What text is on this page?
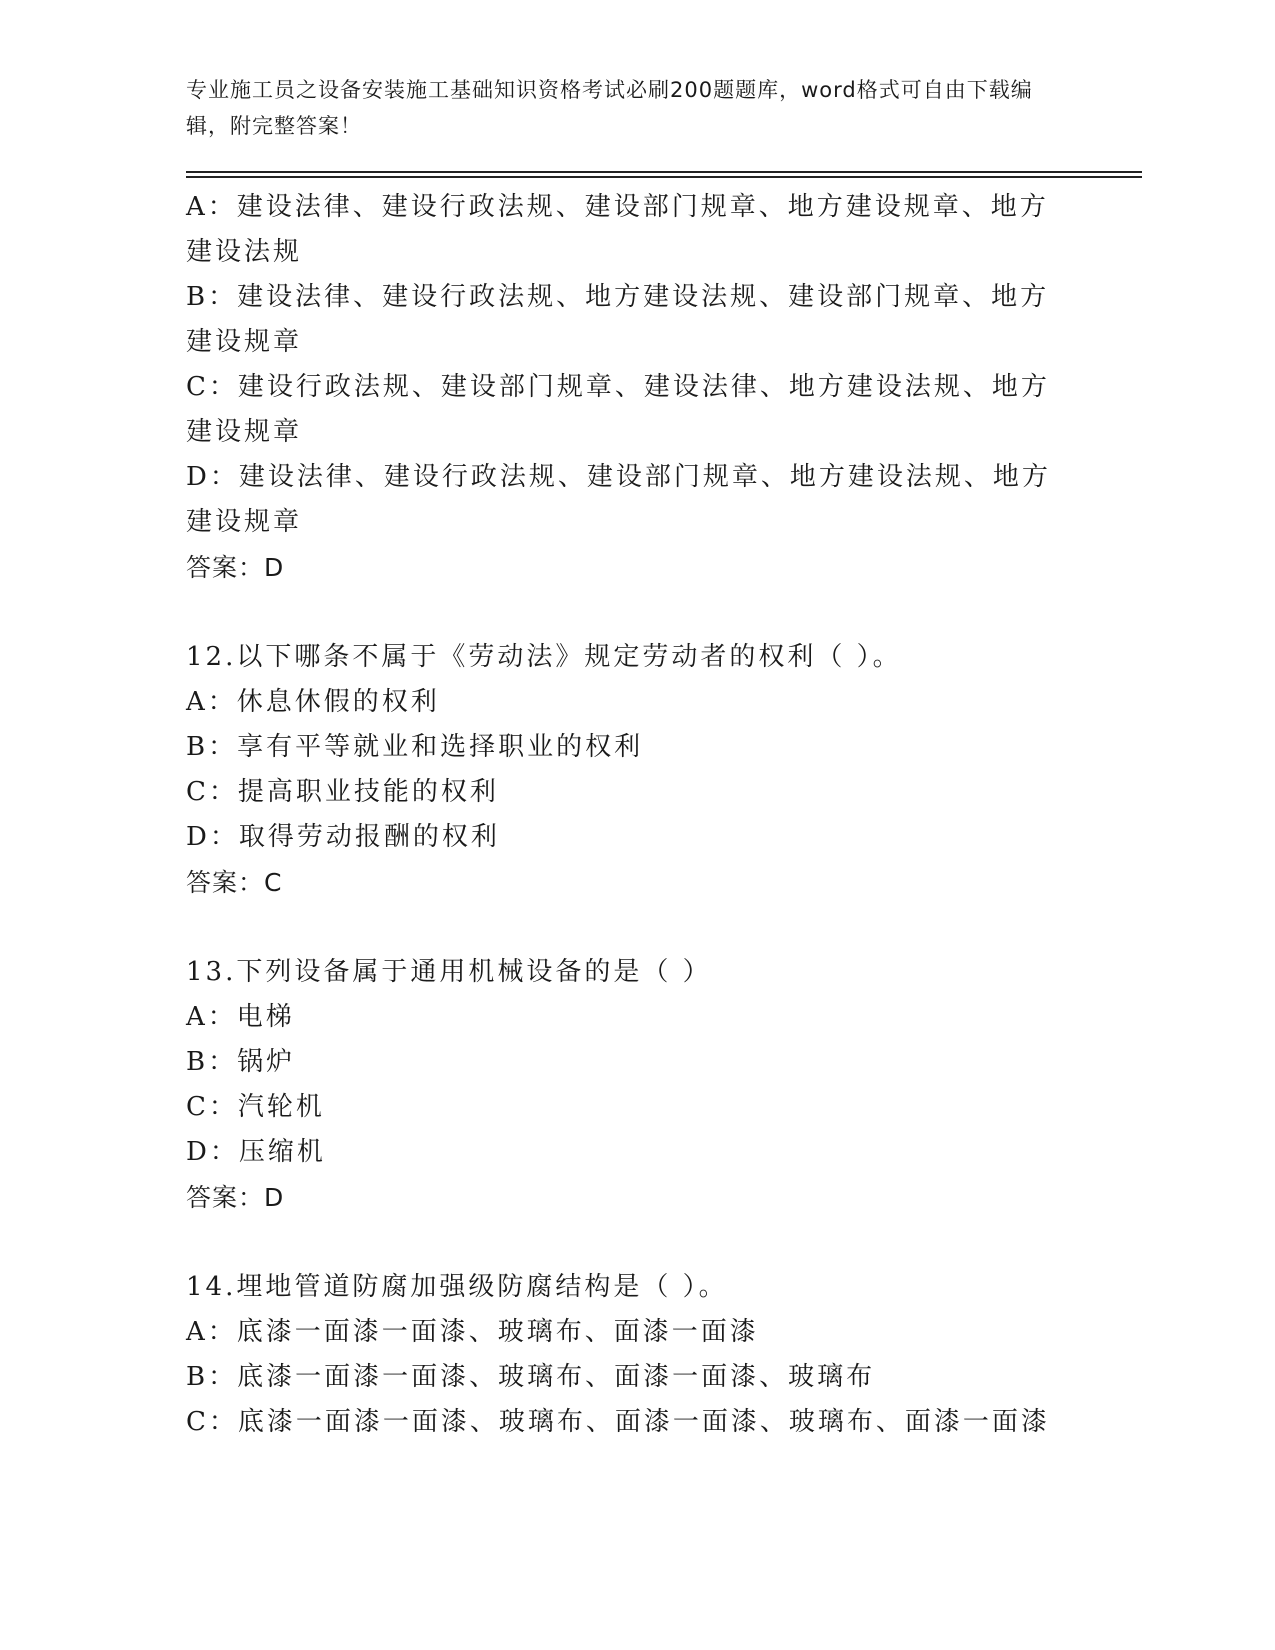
专业施工员之设备安装施工基础知识资格考试必刷200题题库，word格式可自由下载编辑，附完整答案！

A：建设法律、建设行政法规、建设部门规章、地方建设规章、地方建设法规

B：建设法律、建设行政法规、地方建设法规、建设部门规章、地方建设规章

C：建设行政法规、建设部门规章、建设法律、地方建设法规、地方建设规章

D：建设法律、建设行政法规、建设部门规章、地方建设法规、地方建设规章

答案：D

12.以下哪条不属于《劳动法》规定劳动者的权利（ ）。

A：休息休假的权利

B：享有平等就业和选择职业的权利

C：提高职业技能的权利

D：取得劳动报酬的权利

答案：C

13.下列设备属于通用机械设备的是（ ）

A：电梯

B：锅炉

C：汽轮机

D：压缩机

答案：D

14.埋地管道防腐加强级防腐结构是（ ）。

A：底漆一面漆一面漆、玻璃布、面漆一面漆

B：底漆一面漆一面漆、玻璃布、面漆一面漆、玻璃布

C：底漆一面漆一面漆、玻璃布、面漆一面漆、玻璃布、面漆一面漆
